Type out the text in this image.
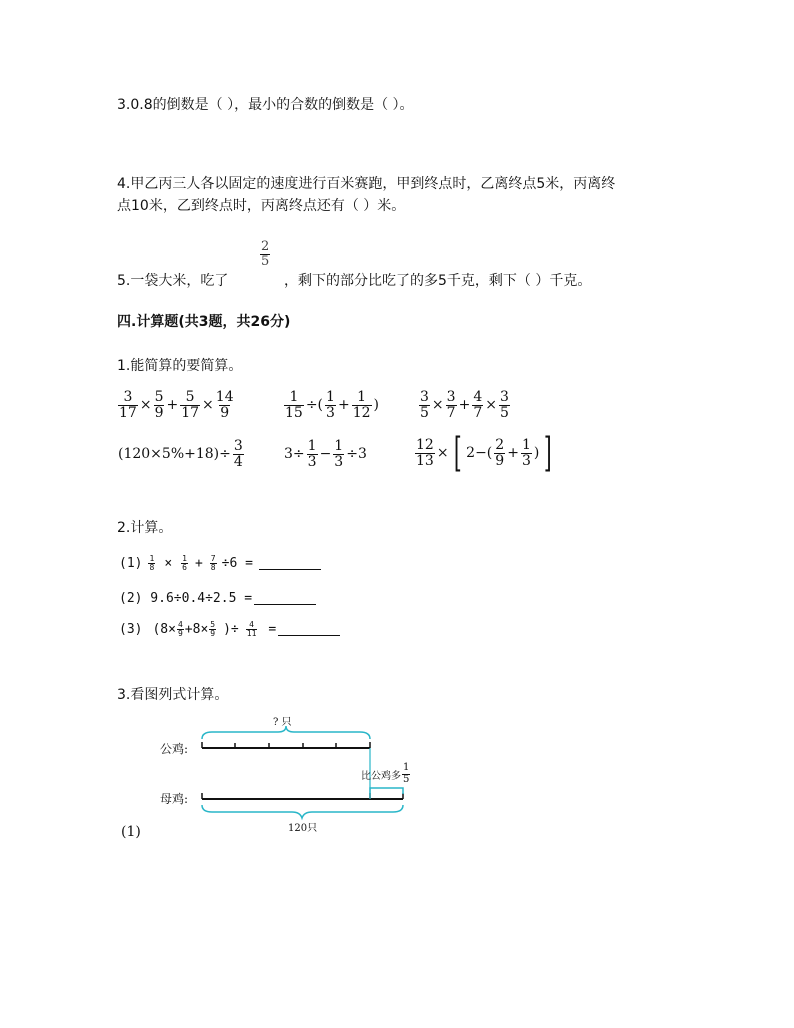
3.0.8的倒数是（ ），最小的合数的倒数是（ ）。
4.甲乙丙三人各以固定的速度进行百米赛跑，甲到终点时，乙离终点5米，丙离终
点10米，乙到终点时，丙离终点还有（ ）米。
5.一袋大米，吃了
$\frac{2}{5}$
，剩下的部分比吃了的多5千克，剩下（ ）千克。
四.计算题(共3题，共26分)
1.能简算的要简算。
$\frac{3}{17} \times \frac{5}{9} + \frac{5}{17} \times \frac{14}{9}$	$\frac{1}{15}$ ÷( $\frac{1}{3} + \frac{1}{12}$ )	$\frac{3}{5} \times \frac{3}{7} + \frac{4}{7} \times \frac{3}{5}$
$(120\times 5\%+18)\div \frac{3}{4}$	$3\div \frac{1}{3} - \frac{1}{3} \div 3$	$\frac{12}{13}$ × [ $2-( \frac{2}{9} + \frac{1}{3}$ ) ]
2.计算。
$(1) \frac{1}{8} \times \frac{1}{6} + \frac{7}{8} \div 6$ =
(2) 9.6÷0.4÷2.5 =
(3) ($8\times \frac{4}{9} +8\times \frac{5}{9}$ )÷ $\frac{4}{11}$ =
3.看图列式计算。
? 只
公鸡:
母鸡:
比公鸡多 $\frac{1}{5}$
120只
(1)
